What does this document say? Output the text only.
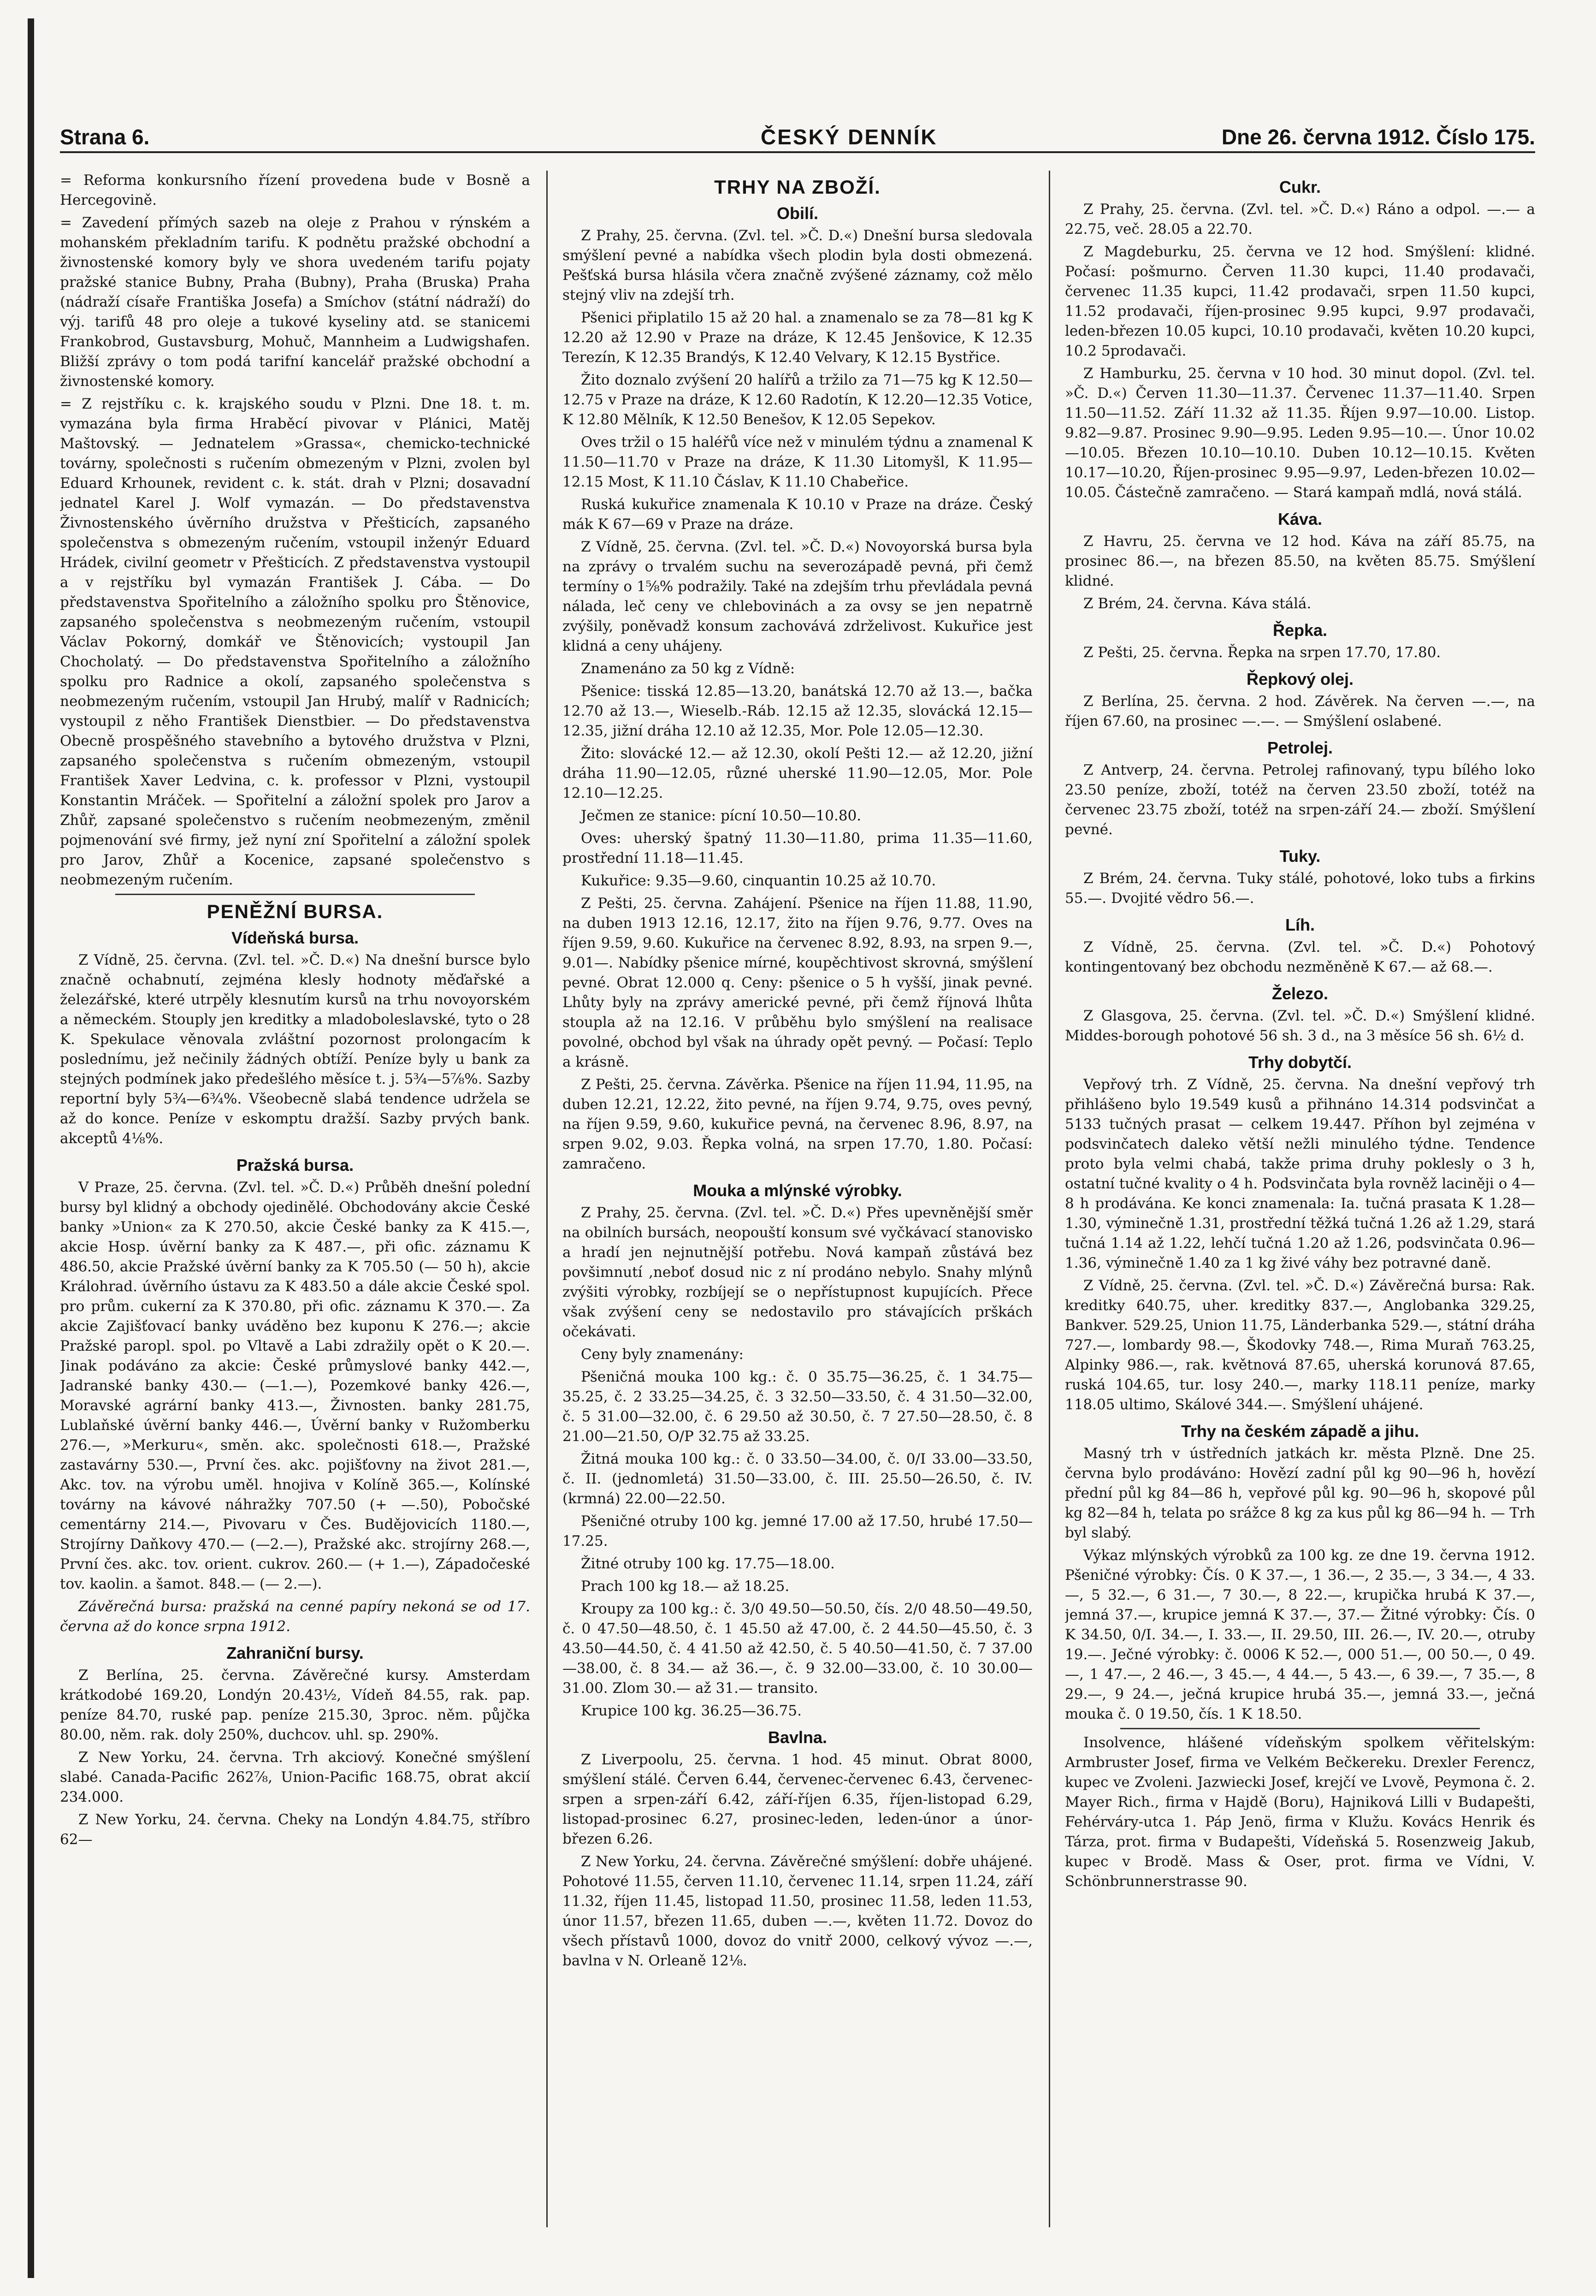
Strana 6.	ČESKÝ DENNÍK	Dne 26. června 1912. Číslo 175.

= Reforma konkursního řízení provedena bude v Bosně a Hercegovině.

= Zavedení přímých sazeb na oleje z Prahou v rýnském a mohanském překladním tarifu. K podnětu pražské obchodní a živnostenské komory byly ve shora uvedeném tarifu pojaty pražské stanice Bubny, Praha (Bubny), Praha (Bruska) Praha (nádraží císaře Františka Josefa) a Smíchov (státní nádraží) do výj. tarifů 48 pro oleje a tukové kyseliny atd. se stanicemi Frankobrod, Gustavsburg, Mohuč, Mannheim a Ludwigshafen. Bližší zprávy o tom podá tarifní kancelář pražské obchodní a živnostenské komory.

= Z rejstříku c. k. krajského soudu v Plzni. Dne 18. t. m. vymazána byla firma Hraběcí pivovar v Plánici, Matěj Maštovský. — Jednatelem »Grassa«, chemicko-technické továrny, společnosti s ručením obmezeným v Plzni, zvolen byl Eduard Krhounek, revident c. k. stát. drah v Plzni; dosavadní jednatel Karel J. Wolf vymazán. — Do představenstva Živnostenského úvěrního družstva v Přešticích, zapsaného společenstva s obmezeným ručením, vstoupil inženýr Eduard Hrádek, civilní geometr v Přešticích. Z představenstva vystoupil a v rejstříku byl vymazán František J. Cába. — Do představenstva Spořitelního a záložního spolku pro Štěnovice, zapsaného společenstva s neobmezeným ručením, vstoupil Václav Pokorný, domkář ve Štěnovicích; vystoupil Jan Chocholatý. — Do představenstva Spořitelního a záložního spolku pro Radnice a okolí, zapsaného společenstva s neobmezeným ručením, vstoupil Jan Hrubý, malíř v Radnicích; vystoupil z něho František Dienstbier. — Do představenstva Obecně prospěšného stavebního a bytového družstva v Plzni, zapsaného společenstva s ručením obmezeným, vstoupil František Xaver Ledvina, c. k. professor v Plzni, vystoupil Konstantin Mráček. — Spořitelní a záložní spolek pro Jarov a Zhůř, zapsané společenstvo s ručením neobmezeným, změnil pojmenování své firmy, jež nyní zní Spořitelní a záložní spolek pro Jarov, Zhůř a Kocenice, zapsané společenstvo s neobmezeným ručením.

PENĚŽNÍ BURSA.
Vídeňská bursa.

Z Vídně, 25. června. (Zvl. tel. »Č. D.«) Na dnešní bursce bylo značně ochabnutí, zejména klesly hodnoty měďařské a železářské, které utrpěly klesnutím kursů na trhu novoyorském a německém. Stouply jen kreditky a mladoboleslavské, tyto o 28 K. Spekulace věnovala zvláštní pozornost prolongacím k poslednímu, jež nečinily žádných obtíží. Peníze byly u bank za stejných podmínek jako předešlého měsíce t. j. 5¾—5⅞%. Sazby reportní byly 5¾—6¾%. Všeobecně slabá tendence udržela se až do konce. Peníze v eskomptu dražší. Sazby prvých bank. akceptů 4⅛%.

Pražská bursa.

V Praze, 25. června. (Zvl. tel. »Č. D.«) Průběh dnešní polední bursy byl klidný a obchody ojedinělé. Obchodovány akcie České banky »Union« za K 270.50, akcie České banky za K 415.—, akcie Hosp. úvěrní banky za K 487.—, při ofic. záznamu K 486.50, akcie Pražské úvěrní banky za K 705.50 (— 50 h), akcie Králohrad. úvěrního ústavu za K 483.50 a dále akcie České spol. pro prům. cukerní za K 370.80, při ofic. záznamu K 370.—. Za akcie Zajišťovací banky uváděno bez kuponu K 276.—; akcie Pražské paropl. spol. po Vltavě a Labi zdražily opět o K 20.—. Jinak podáváno za akcie: České průmyslové banky 442.—, Jadranské banky 430.— (—1.—), Pozemkové banky 426.—, Moravské agrární banky 413.—, Živnosten. banky 281.75, Lublaňské úvěrní banky 446.—, Úvěrní banky v Ružomberku 276.—, »Merkuru«, směn. akc. společnosti 618.—, Pražské zastavárny 530.—, První čes. akc. pojišťovny na život 281.—, Akc. tov. na výrobu uměl. hnojiva v Kolíně 365.—, Kolínské továrny na kávové náhražky 707.50 (+ —.50), Pobočské cementárny 214.—, Pivovaru v Čes. Budějovicích 1180.—, Strojírny Daňkovy 470.— (—2.—), Pražské akc. strojírny 268.—, První čes. akc. tov. orient. cukrov. 260.— (+ 1.—), Západočeské tov. kaolin. a šamot. 848.— (— 2.—).

Závěrečná bursa: pražská na cenné papíry nekoná se od 17. června až do konce srpna 1912.

Zahraniční bursy.

Z Berlína, 25. června. Závěrečné kursy. Amsterdam krátkodobé 169.20, Londýn 20.43½, Vídeň 84.55, rak. pap. peníze 84.70, ruské pap. peníze 215.30, 3proc. něm. půjčka 80.00, něm. rak. doly 250%, duchcov. uhl. sp. 290%.

Z New Yorku, 24. června. Trh akciový. Konečné smýšlení slabé. Canada-Pacific 262⅞, Union-Pacific 168.75, obrat akcií 234.000.

Z New Yorku, 24. června. Cheky na Londýn 4.84.75, stříbro 62—

TRHY NA ZBOŽÍ.
Obilí.

Z Prahy, 25. června. (Zvl. tel. »Č. D.«) Dnešní bursa sledovala smýšlení pevné a nabídka všech plodin byla dosti obmezená. Pešťská bursa hlásila včera značně zvýšené záznamy, což mělo stejný vliv na zdejší trh.

Pšenici připlatilo 15 až 20 hal. a znamenalo se za 78—81 kg K 12.20 až 12.90 v Praze na dráze, K 12.45 Jenšovice, K 12.35 Terezín, K 12.35 Brandýs, K 12.40 Velvary, K 12.15 Bystřice.

Žito doznalo zvýšení 20 halířů a tržilo za 71—75 kg K 12.50—12.75 v Praze na dráze, K 12.60 Radotín, K 12.20—12.35 Votice, K 12.80 Mělník, K 12.50 Benešov, K 12.05 Sepekov.

Oves tržil o 15 haléřů více než v minulém týdnu a znamenal K 11.50—11.70 v Praze na dráze, K 11.30 Litomyšl, K 11.95—12.15 Most, K 11.10 Čáslav, K 11.10 Chabeřice.

Ruská kukuřice znamenala K 10.10 v Praze na dráze. Český mák K 67—69 v Praze na dráze.

Z Vídně, 25. června. (Zvl. tel. »Č. D.«) Novoyorská bursa byla na zprávy o trvalém suchu na severozápadě pevná, při čemž termíny o 1⅝% podražily. Také na zdejším trhu převládala pevná nálada, leč ceny ve chlebovinách a za ovsy se jen nepatrně zvýšily, poněvadž konsum zachovává zdrželivost. Kukuřice jest klidná a ceny uhájeny.

Znamenáno za 50 kg z Vídně:

Pšenice: tisská 12.85—13.20, banátská 12.70 až 13.—, bačka 12.70 až 13.—, Wieselb.-Ráb. 12.15 až 12.35, slovácká 12.15—12.35, jižní dráha 12.10 až 12.35, Mor. Pole 12.05—12.30.

Žito: slovácké 12.— až 12.30, okolí Pešti 12.— až 12.20, jižní dráha 11.90—12.05, různé uherské 11.90—12.05, Mor. Pole 12.10—12.25.

Ječmen ze stanice: pícní 10.50—10.80.

Oves: uherský špatný 11.30—11.80, prima 11.35—11.60, prostřední 11.18—11.45.

Kukuřice: 9.35—9.60, cinquantin 10.25 až 10.70.

Z Pešti, 25. června. Zahájení. Pšenice na říjen 11.88, 11.90, na duben 1913 12.16, 12.17, žito na říjen 9.76, 9.77. Oves na říjen 9.59, 9.60. Kukuřice na červenec 8.92, 8.93, na srpen 9.—, 9.01—. Nabídky pšenice mírné, koupěchtivost skrovná, smýšlení pevné. Obrat 12.000 q. Ceny: pšenice o 5 h vyšší, jinak pevné. Lhůty byly na zprávy americké pevné, při čemž říjnová lhůta stoupla až na 12.16. V průběhu bylo smýšlení na realisace povolné, obchod byl však na úhrady opět pevný. — Počasí: Teplo a krásně.

Z Pešti, 25. června. Závěrka. Pšenice na říjen 11.94, 11.95, na duben 12.21, 12.22, žito pevné, na říjen 9.74, 9.75, oves pevný, na říjen 9.59, 9.60, kukuřice pevná, na červenec 8.96, 8.97, na srpen 9.02, 9.03. Řepka volná, na srpen 17.70, 1.80. Počasí: zamračeno.

Mouka a mlýnské výrobky.

Z Prahy, 25. června. (Zvl. tel. »Č. D.«) Přes upevněnější směr na obilních bursách, neopouští konsum své vyčkávací stanovisko a hradí jen nejnutnější potřebu. Nová kampaň zůstává bez povšimnutí ,neboť dosud nic z ní prodáno nebylo. Snahy mlýnů zvýšiti výrobky, rozbíjejí se o nepřístupnost kupujících. Přece však zvýšení ceny se nedostavilo pro stávajících prškách očekávati.

Ceny byly znamenány:

Pšeničná mouka 100 kg.: č. 0 35.75—36.25, č. 1 34.75—35.25, č. 2 33.25—34.25, č. 3 32.50—33.50, č. 4 31.50—32.00, č. 5 31.00—32.00, č. 6 29.50 až 30.50, č. 7 27.50—28.50, č. 8 21.00—21.50, O/P 32.75 až 33.25.

Žitná mouka 100 kg.: č. 0 33.50—34.00, č. 0/I 33.00—33.50, č. II. (jednomletá) 31.50—33.00, č. III. 25.50—26.50, č. IV. (krmná) 22.00—22.50.

Pšeničné otruby 100 kg. jemné 17.00 až 17.50, hrubé 17.50—17.25.

Žitné otruby 100 kg. 17.75—18.00.

Prach 100 kg 18.— až 18.25.

Kroupy za 100 kg.: č. 3/0 49.50—50.50, čís. 2/0 48.50—49.50, č. 0 47.50—48.50, č. 1 45.50 až 47.00, č. 2 44.50—45.50, č. 3 43.50—44.50, č. 4 41.50 až 42.50, č. 5 40.50—41.50, č. 7 37.00—38.00, č. 8 34.— až 36.—, č. 9 32.00—33.00, č. 10 30.00—31.00. Zlom 30.— až 31.— transito.

Krupice 100 kg. 36.25—36.75.

Bavlna.

Z Liverpoolu, 25. června. 1 hod. 45 minut. Obrat 8000, smýšlení stálé. Červen 6.44, červenec-červenec 6.43, červenec-srpen a srpen-září 6.42, září-říjen 6.35, říjen-listopad 6.29, listopad-prosinec 6.27, prosinec-leden, leden-únor a únor-březen 6.26.

Z New Yorku, 24. června. Závěrečné smýšlení: dobře uhájené. Pohotové 11.55, červen 11.10, červenec 11.14, srpen 11.24, září 11.32, říjen 11.45, listopad 11.50, prosinec 11.58, leden 11.53, únor 11.57, březen 11.65, duben —.—, květen 11.72. Dovoz do všech přístavů 1000, dovoz do vnitř 2000, celkový vývoz —.—, bavlna v N. Orleaně 12⅛.

Cukr.

Z Prahy, 25. června. (Zvl. tel. »Č. D.«) Ráno a odpol. —.— a 22.75, več. 28.05 a 22.70.

Z Magdeburku, 25. června ve 12 hod. Smýšlení: klidné. Počasí: pošmurno. Červen 11.30 kupci, 11.40 prodavači, červenec 11.35 kupci, 11.42 prodavači, srpen 11.50 kupci, 11.52 prodavači, říjen-prosinec 9.95 kupci, 9.97 prodavači, leden-březen 10.05 kupci, 10.10 prodavači, květen 10.20 kupci, 10.2 5prodavači.

Z Hamburku, 25. června v 10 hod. 30 minut dopol. (Zvl. tel. »Č. D.«) Červen 11.30—11.37. Červenec 11.37—11.40. Srpen 11.50—11.52. Září 11.32 až 11.35. Říjen 9.97—10.00. Listop. 9.82—9.87. Prosinec 9.90—9.95. Leden 9.95—10.—. Únor 10.02—10.05. Březen 10.10—10.10. Duben 10.12—10.15. Květen 10.17—10.20, Říjen-prosinec 9.95—9.97, Leden-březen 10.02—10.05. Částečně zamračeno. — Stará kampaň mdlá, nová stálá.

Káva.

Z Havru, 25. června ve 12 hod. Káva na září 85.75, na prosinec 86.—, na březen 85.50, na květen 85.75. Smýšlení klidné.

Z Brém, 24. června. Káva stálá.

Řepka.

Z Pešti, 25. června. Řepka na srpen 17.70, 17.80.

Řepkový olej.

Z Berlína, 25. června. 2 hod. Závěrek. Na červen —.—, na říjen 67.60, na prosinec —.—. — Smýšlení oslabené.

Petrolej.

Z Antverp, 24. června. Petrolej rafinovaný, typu bílého loko 23.50 peníze, zboží, totéž na červen 23.50 zboží, totéž na červenec 23.75 zboží, totéž na srpen-září 24.— zboží. Smýšlení pevné.

Tuky.

Z Brém, 24. června. Tuky stálé, pohotové, loko tubs a firkins 55.—. Dvojité vědro 56.—.

Líh.

Z Vídně, 25. června. (Zvl. tel. »Č. D.«) Pohotový kontingentovaný bez obchodu nezměněně K 67.— až 68.—.

Železo.

Z Glasgova, 25. června. (Zvl. tel. »Č. D.«) Smýšlení klidné. Middes-borough pohotové 56 sh. 3 d., na 3 měsíce 56 sh. 6½ d.

Trhy dobytčí.

Vepřový trh. Z Vídně, 25. června. Na dnešní vepřový trh přihlášeno bylo 19.549 kusů a přihnáno 14.314 podsvinčat a 5133 tučných prasat — celkem 19.447. Příhon byl zejména v podsvinčatech daleko větší nežli minulého týdne. Tendence proto byla velmi chabá, takže prima druhy poklesly o 3 h, ostatní tučné kvality o 4 h. Podsvinčata byla rovněž laciněji o 4—8 h prodávána. Ke konci znamenala: Ia. tučná prasata K 1.28—1.30, výminečně 1.31, prostřední těžká tučná 1.26 až 1.29, stará tučná 1.14 až 1.22, lehčí tučná 1.20 až 1.26, podsvinčata 0.96—1.36, výminečně 1.40 za 1 kg živé váhy bez potravné daně.

Z Vídně, 25. června. (Zvl. tel. »Č. D.«) Závěrečná bursa: Rak. kreditky 640.75, uher. kreditky 837.—, Anglobanka 329.25, Bankver. 529.25, Union 11.75, Länderbanka 529.—, státní dráha 727.—, lombardy 98.—, Škodovky 748.—, Rima Muraň 763.25, Alpinky 986.—, rak. květnová 87.65, uherská korunová 87.65, ruská 104.65, tur. losy 240.—, marky 118.11 peníze, marky 118.05 ultimo, Skálové 344.—. Smýšlení uhájené.

Trhy na českém západě a jihu.

Masný trh v ústředních jatkách kr. města Plzně. Dne 25. června bylo prodáváno: Hovězí zadní půl kg 90—96 h, hovězí přední půl kg 84—86 h, vepřové půl kg. 90—96 h, skopové půl kg 82—84 h, telata po srážce 8 kg za kus půl kg 86—94 h. — Trh byl slabý.

Výkaz mlýnských výrobků za 100 kg. ze dne 19. června 1912. Pšeničné výrobky: Čís. 0 K 37.—, 1 36.—, 2 35.—, 3 34.—, 4 33.—, 5 32.—, 6 31.—, 7 30.—, 8 22.—, krupička hrubá K 37.—, jemná 37.—, krupice jemná K 37.—, 37.— Žitné výrobky: Čís. 0 K 34.50, 0/I. 34.—, I. 33.—, II. 29.50, III. 26.—, IV. 20.—, otruby 19.—. Ječné výrobky: č. 0006 K 52.—, 000 51.—, 00 50.—, 0 49.—, 1 47.—, 2 46.—, 3 45.—, 4 44.—, 5 43.—, 6 39.—, 7 35.—, 8 29.—, 9 24.—, ječná krupice hrubá 35.—, jemná 33.—, ječná mouka č. 0 19.50, čís. 1 K 18.50.

Insolvence, hlášené vídeňským spolkem věřitelským: Armbruster Josef, firma ve Velkém Bečkereku. Drexler Ferencz, kupec ve Zvoleni. Jazwiecki Josef, krejčí ve Lvově, Peymona č. 2. Mayer Rich., firma v Hajdě (Boru), Hajniková Lilli v Budapešti, Fehérváry-utca 1. Páp Jenö, firma v Klužu. Kovács Henrik és Tárza, prot. firma v Budapešti, Vídeňská 5. Rosenzweig Jakub, kupec v Brodě. Mass & Oser, prot. firma ve Vídni, V. Schönbrunnerstrasse 90.
